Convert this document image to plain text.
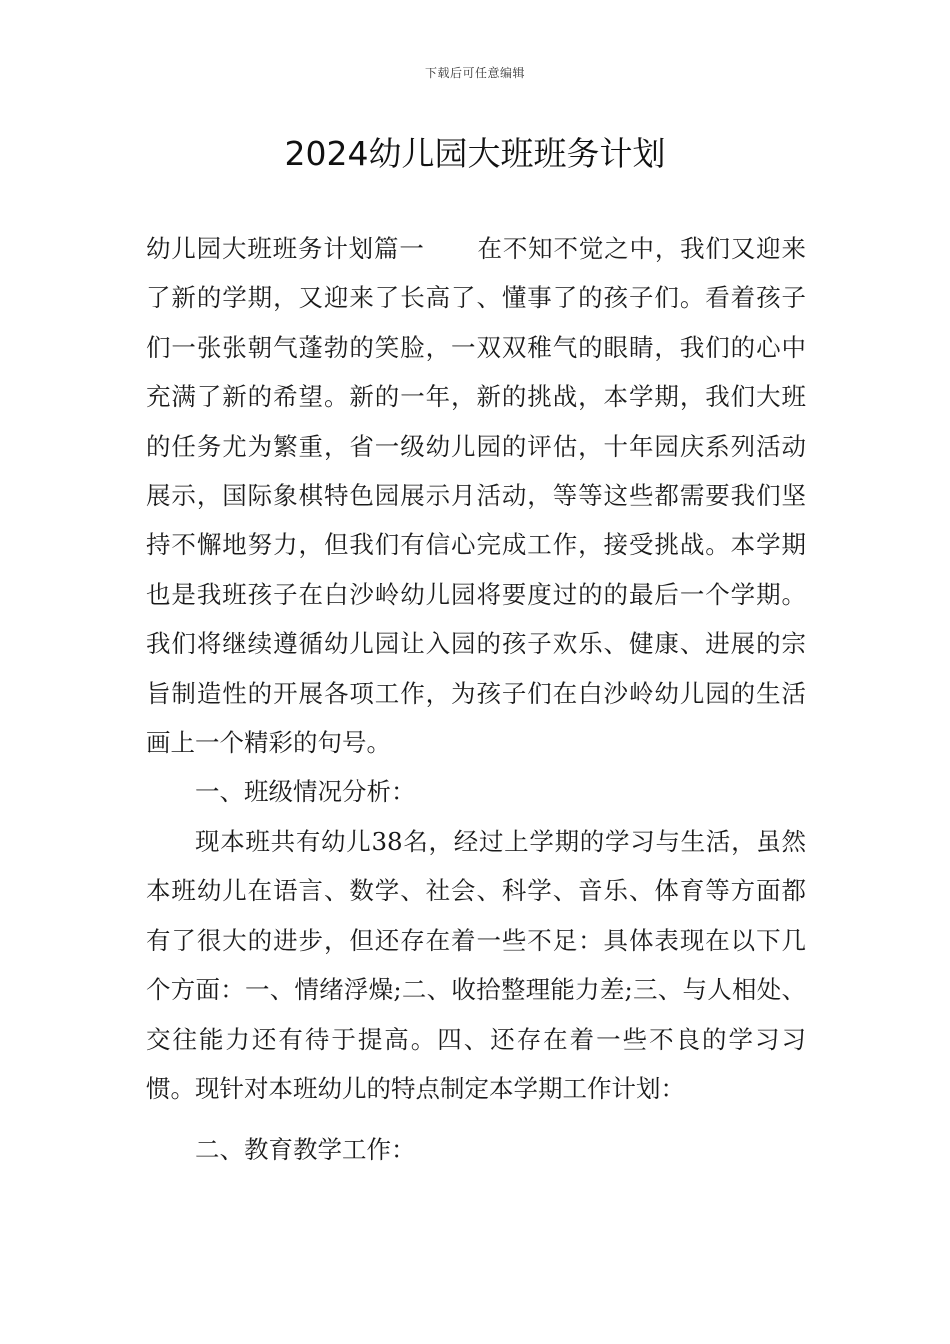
下载后可任意编辑
2024幼儿园大班班务计划

幼儿园大班班务计划篇一 在不知不觉之中，我们又迎来了新的学期，又迎来了长高了、懂事了的孩子们。看着孩子们一张张朝气蓬勃的笑脸，一双双稚气的眼睛，我们的心中充满了新的希望。新的一年，新的挑战，本学期，我们大班的任务尤为繁重，省一级幼儿园的评估，十年园庆系列活动展示，国际象棋特色园展示月活动，等等这些都需要我们坚持不懈地努力，但我们有信心完成工作，接受挑战。本学期也是我班孩子在白沙岭幼儿园将要度过的的最后一个学期。我们将继续遵循幼儿园让入园的孩子欢乐、健康、进展的宗旨制造性的开展各项工作，为孩子们在白沙岭幼儿园的生活画上一个精彩的句号。

一、班级情况分析：

现本班共有幼儿38名，经过上学期的学习与生活，虽然本班幼儿在语言、数学、社会、科学、音乐、体育等方面都有了很大的进步，但还存在着一些不足：具体表现在以下几个方面：一、情绪浮燥;二、收拾整理能力差;三、与人相处、交往能力还有待于提高。四、还存在着一些不良的学习习惯。现针对本班幼儿的特点制定本学期工作计划：

二、教育教学工作：
